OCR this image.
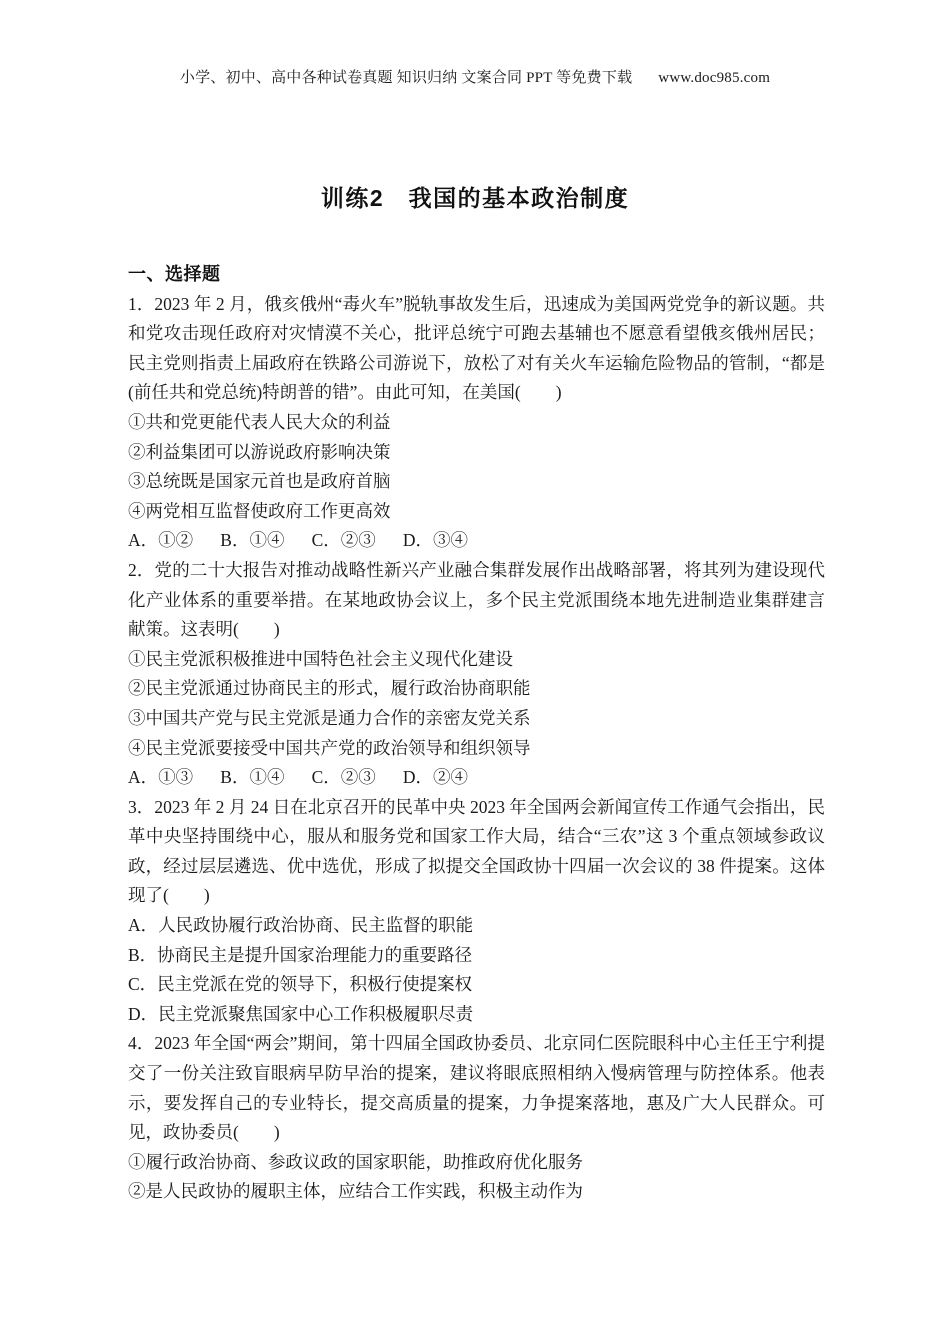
小学、初中、高中各种试卷真题 知识归纳 文案合同 PPT 等免费下载 www.doc985.com
训练2　我国的基本政治制度

一、选择题

1．2023 年 2 月，俄亥俄州“毒火车”脱轨事故发生后，迅速成为美国两党党争的新议题。共和党攻击现任政府对灾情漠不关心，批评总统宁可跑去基辅也不愿意看望俄亥俄州居民；民主党则指责上届政府在铁路公司游说下，放松了对有关火车运输危险物品的管制，“都是(前任共和党总统)特朗普的错”。由此可知，在美国(　　)

①共和党更能代表人民大众的利益

②利益集团可以游说政府影响决策

③总统既是国家元首也是政府首脑

④两党相互监督使政府工作更高效

A．①② B．①④ C．②③ D．③④

2．党的二十大报告对推动战略性新兴产业融合集群发展作出战略部署，将其列为建设现代化产业体系的重要举措。在某地政协会议上，多个民主党派围绕本地先进制造业集群建言献策。这表明(　　)

①民主党派积极推进中国特色社会主义现代化建设

②民主党派通过协商民主的形式，履行政治协商职能

③中国共产党与民主党派是通力合作的亲密友党关系

④民主党派要接受中国共产党的政治领导和组织领导

A．①③ B．①④ C．②③ D．②④

3．2023 年 2 月 24 日在北京召开的民革中央 2023 年全国两会新闻宣传工作通气会指出，民革中央坚持围绕中心，服从和服务党和国家工作大局，结合“三农”这 3 个重点领域参政议政，经过层层遴选、优中选优，形成了拟提交全国政协十四届一次会议的 38 件提案。这体现了(　　)

A．人民政协履行政治协商、民主监督的职能

B．协商民主是提升国家治理能力的重要路径

C．民主党派在党的领导下，积极行使提案权

D．民主党派聚焦国家中心工作积极履职尽责

4．2023 年全国“两会”期间，第十四届全国政协委员、北京同仁医院眼科中心主任王宁利提交了一份关注致盲眼病早防早治的提案，建议将眼底照相纳入慢病管理与防控体系。他表示，要发挥自己的专业特长，提交高质量的提案，力争提案落地，惠及广大人民群众。可见，政协委员(　　)

①履行政治协商、参政议政的国家职能，助推政府优化服务

②是人民政协的履职主体，应结合工作实践，积极主动作为
